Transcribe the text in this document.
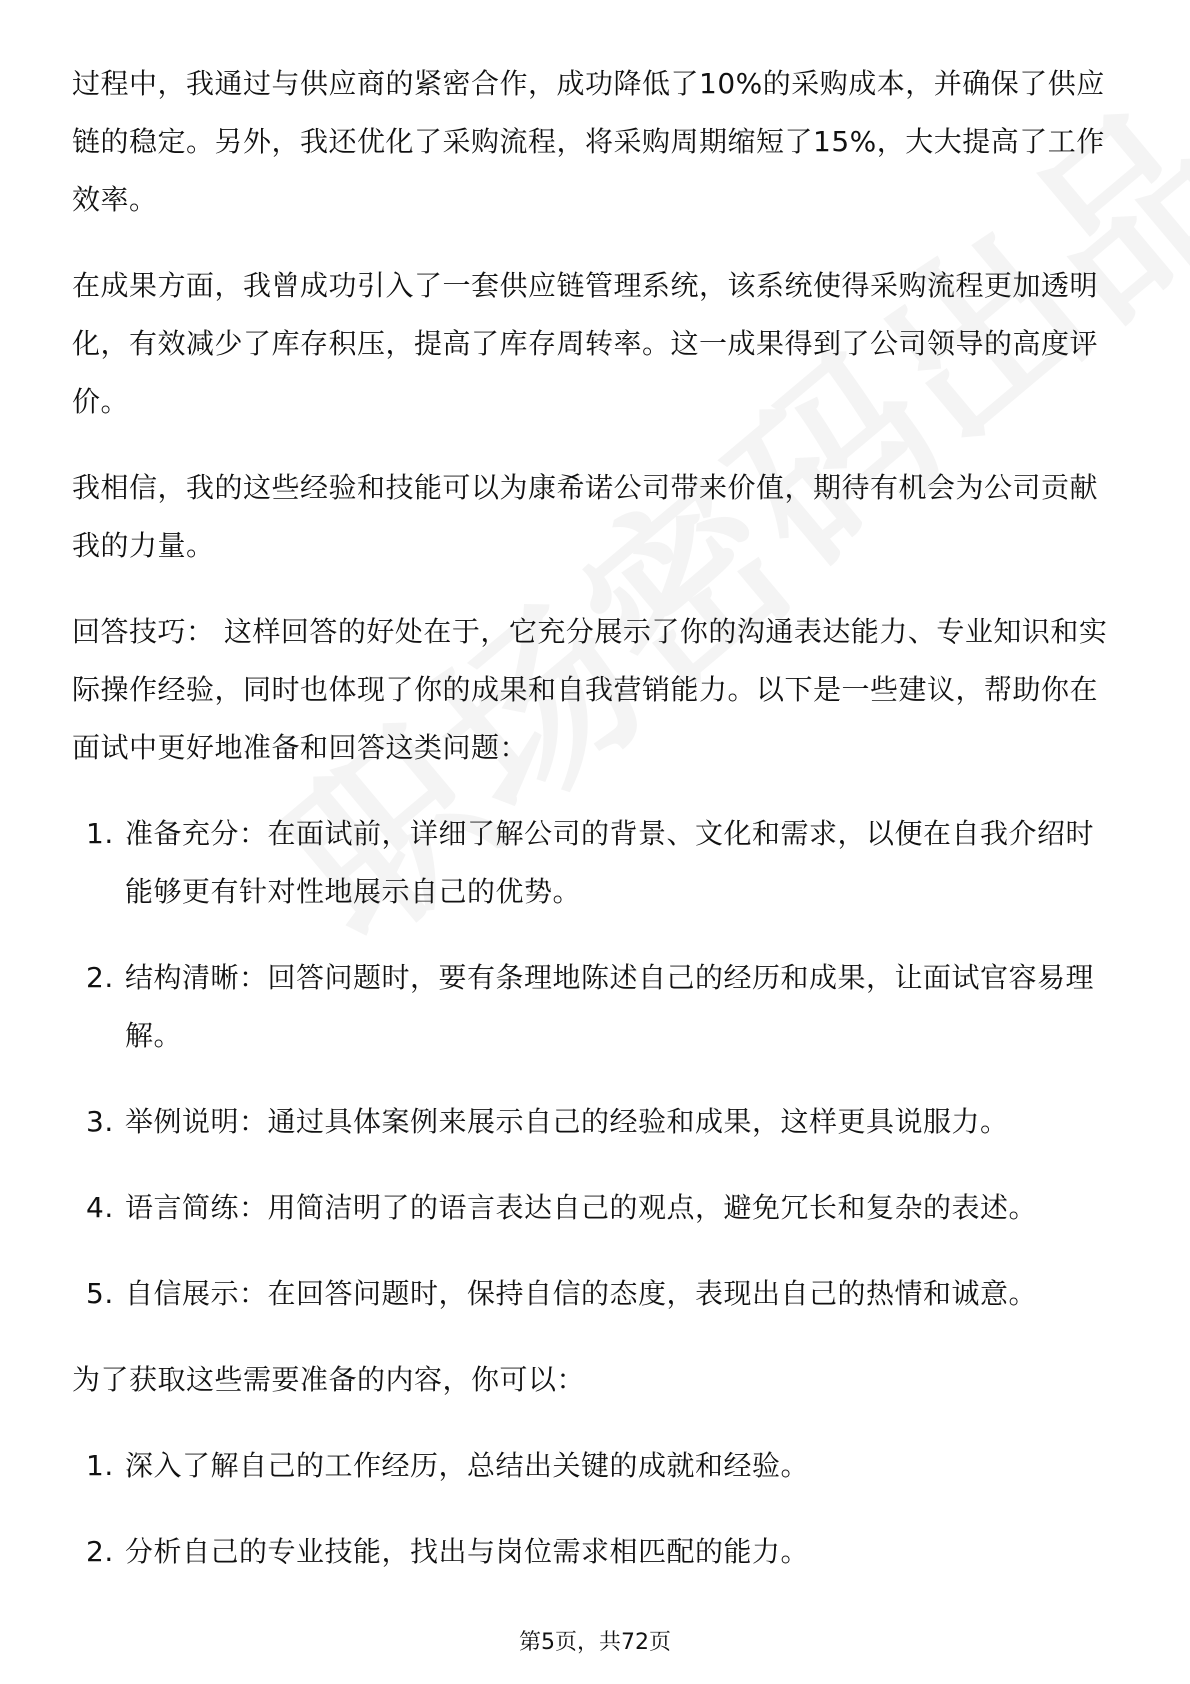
过程中，我通过与供应商的紧密合作，成功降低了10%的采购成本，并确保了供应链的稳定。另外，我还优化了采购流程，将采购周期缩短了15%，大大提高了工作效率。

在成果方面，我曾成功引入了一套供应链管理系统，该系统使得采购流程更加透明化，有效减少了库存积压，提高了库存周转率。这一成果得到了公司领导的高度评价。

我相信，我的这些经验和技能可以为康希诺公司带来价值，期待有机会为公司贡献我的力量。

回答技巧： 这样回答的好处在于，它充分展示了你的沟通表达能力、专业知识和实际操作经验，同时也体现了你的成果和自我营销能力。以下是一些建议，帮助你在面试中更好地准备和回答这类问题：

1. 准备充分：在面试前，详细了解公司的背景、文化和需求，以便在自我介绍时能够更有针对性地展示自己的优势。
2. 结构清晰：回答问题时，要有条理地陈述自己的经历和成果，让面试官容易理解。
3. 举例说明：通过具体案例来展示自己的经验和成果，这样更具说服力。
4. 语言简练：用简洁明了的语言表达自己的观点，避免冗长和复杂的表述。
5. 自信展示：在回答问题时，保持自信的态度，表现出自己的热情和诚意。

为了获取这些需要准备的内容，你可以：

1. 深入了解自己的工作经历，总结出关键的成就和经验。
2. 分析自己的专业技能，找出与岗位需求相匹配的能力。
第5页，共72页
